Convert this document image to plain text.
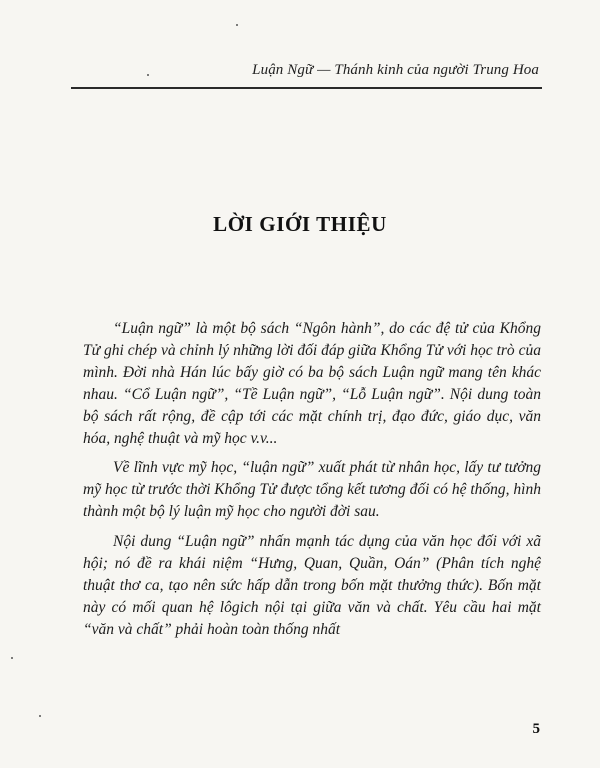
Luận Ngữ — Thánh kinh của người Trung Hoa
LỜI GIỚI THIỆU

“Luận ngữ” là một bộ sách “Ngôn hành”, do các đệ tử của Khổng Tử ghi chép và chỉnh lý những lời đối đáp giữa Khổng Tử với học trò của mình. Đời nhà Hán lúc bấy giờ có ba bộ sách Luận ngữ mang tên khác nhau. “Cổ Luận ngữ”, “Tề Luận ngữ”, “Lỗ Luận ngữ”. Nội dung toàn bộ sách rất rộng, đề cập tới các mặt chính trị, đạo đức, giáo dục, văn hóa, nghệ thuật và mỹ học v.v...

Về lĩnh vực mỹ học, “luận ngữ” xuất phát từ nhân học, lấy tư tưởng mỹ học từ trước thời Khổng Tử được tổng kết tương đối có hệ thống, hình thành một bộ lý luận mỹ học cho người đời sau.

Nội dung “Luận ngữ” nhấn mạnh tác dụng của văn học đối với xã hội; nó đề ra khái niệm “Hưng, Quan, Quần, Oán” (Phân tích nghệ thuật thơ ca, tạo nên sức hấp dẫn trong bốn mặt thưởng thức). Bốn mặt này có mối quan hệ lôgich nội tại giữa văn và chất. Yêu cầu hai mặt “văn và chất” phải hoàn toàn thống nhất

5
